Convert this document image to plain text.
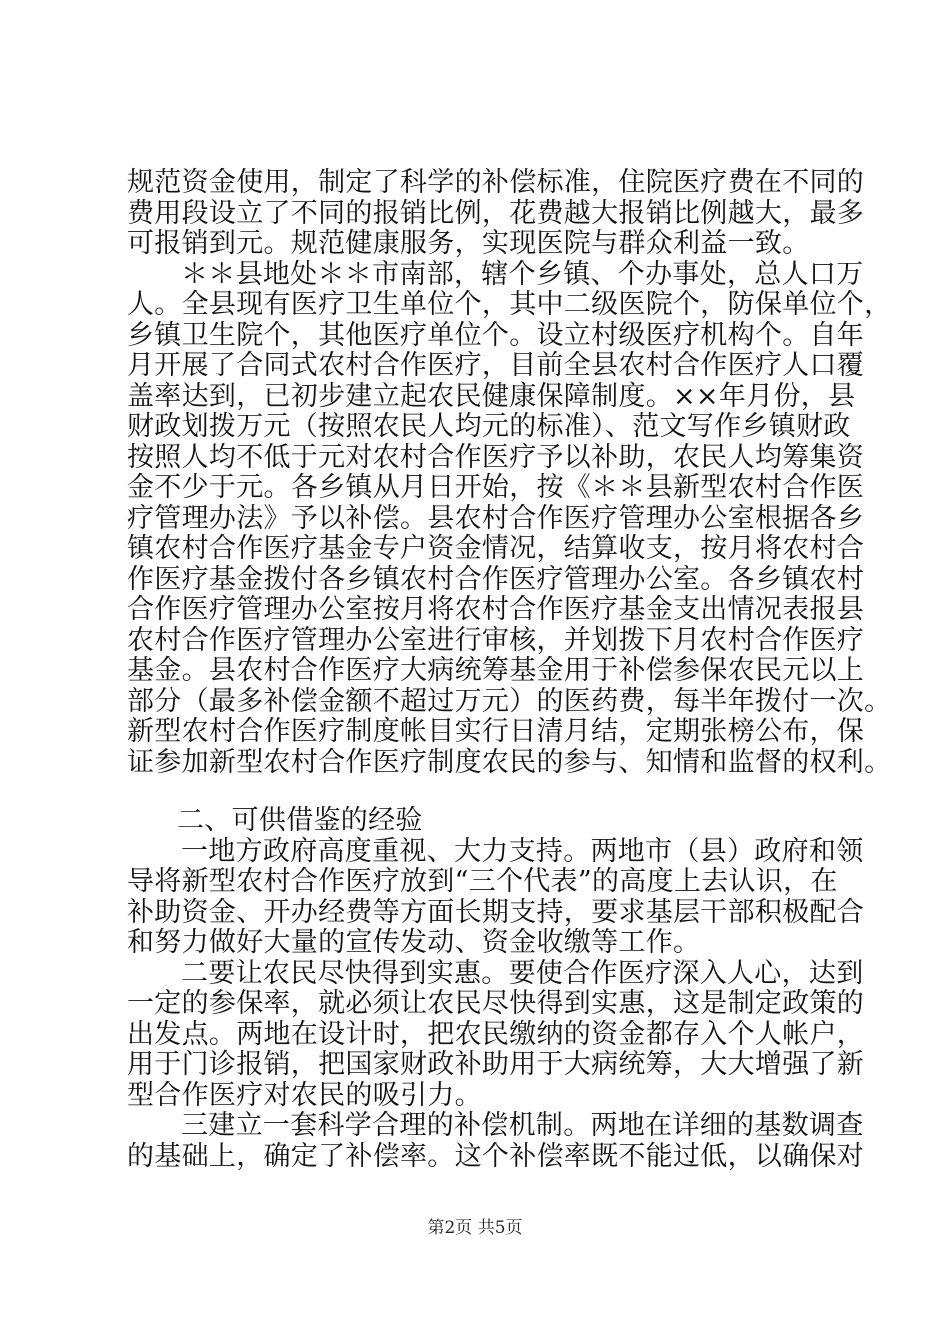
规范资金使用，制定了科学的补偿标准，住院医疗费在不同的
费用段设立了不同的报销比例，花费越大报销比例越大，最多
可报销到元。规范健康服务，实现医院与群众利益一致。
＊＊县地处＊＊市南部，辖个乡镇、个办事处，总人口万
人。全县现有医疗卫生单位个，其中二级医院个，防保单位个，
乡镇卫生院个，其他医疗单位个。设立村级医疗机构个。自年
月开展了合同式农村合作医疗，目前全县农村合作医疗人口覆
盖率达到，已初步建立起农民健康保障制度。××年月份，县
财政划拨万元（按照农民人均元的标准）、范文写作乡镇财政
按照人均不低于元对农村合作医疗予以补助，农民人均筹集资
金不少于元。各乡镇从月日开始，按《＊＊县新型农村合作医
疗管理办法》予以补偿。县农村合作医疗管理办公室根据各乡
镇农村合作医疗基金专户资金情况，结算收支，按月将农村合
作医疗基金拨付各乡镇农村合作医疗管理办公室。各乡镇农村
合作医疗管理办公室按月将农村合作医疗基金支出情况表报县
农村合作医疗管理办公室进行审核，并划拨下月农村合作医疗
基金。县农村合作医疗大病统筹基金用于补偿参保农民元以上
部分（最多补偿金额不超过万元）的医药费，每半年拨付一次。
新型农村合作医疗制度帐目实行日清月结，定期张榜公布，保
证参加新型农村合作医疗制度农民的参与、知情和监督的权利。
二、可供借鉴的经验
一地方政府高度重视、大力支持。两地市（县）政府和领
导将新型农村合作医疗放到“三个代表”的高度上去认识，在
补助资金、开办经费等方面长期支持，要求基层干部积极配合
和努力做好大量的宣传发动、资金收缴等工作。
二要让农民尽快得到实惠。要使合作医疗深入人心，达到
一定的参保率，就必须让农民尽快得到实惠，这是制定政策的
出发点。两地在设计时，把农民缴纳的资金都存入个人帐户，
用于门诊报销，把国家财政补助用于大病统筹，大大增强了新
型合作医疗对农民的吸引力。
三建立一套科学合理的补偿机制。两地在详细的基数调查
的基础上，确定了补偿率。这个补偿率既不能过低，以确保对
第2页 共5页
